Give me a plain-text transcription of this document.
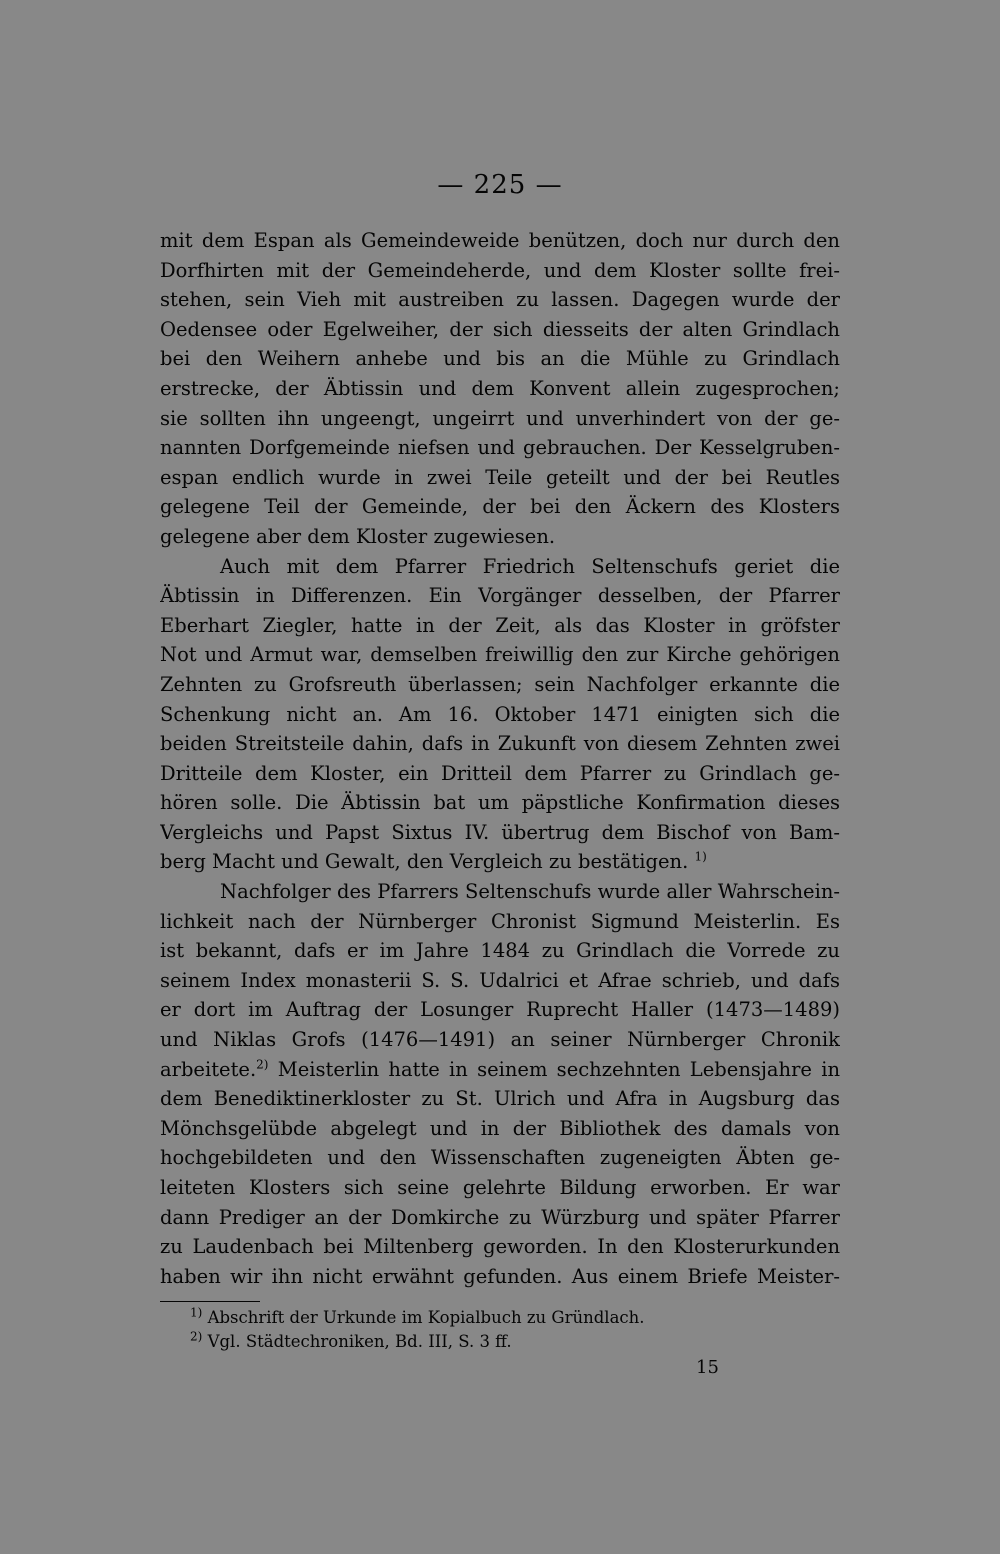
— 225 —
mit dem Espan als Gemeindeweide benützen, doch nur durch den
Dorfhirten mit der Gemeindeherde, und dem Kloster sollte frei-
stehen, sein Vieh mit austreiben zu lassen. Dagegen wurde der
Oedensee oder Egelweiher, der sich diesseits der alten Grindlach
bei den Weihern anhebe und bis an die Mühle zu Grindlach
erstrecke, der Äbtissin und dem Konvent allein zugesprochen;
sie sollten ihn ungeengt, ungeirrt und unverhindert von der ge-
nannten Dorfgemeinde niefsen und gebrauchen. Der Kesselgruben-
espan endlich wurde in zwei Teile geteilt und der bei Reutles
gelegene Teil der Gemeinde, der bei den Äckern des Klosters
gelegene aber dem Kloster zugewiesen.
Auch mit dem Pfarrer Friedrich Seltenschufs geriet die
Äbtissin in Differenzen. Ein Vorgänger desselben, der Pfarrer
Eberhart Ziegler, hatte in der Zeit, als das Kloster in gröfster
Not und Armut war, demselben freiwillig den zur Kirche gehörigen
Zehnten zu Grofsreuth überlassen; sein Nachfolger erkannte die
Schenkung nicht an. Am 16. Oktober 1471 einigten sich die
beiden Streitsteile dahin, dafs in Zukunft von diesem Zehnten zwei
Dritteile dem Kloster, ein Dritteil dem Pfarrer zu Grindlach ge-
hören solle. Die Äbtissin bat um päpstliche Konfirmation dieses
Vergleichs und Papst Sixtus IV. übertrug dem Bischof von Bam-
berg Macht und Gewalt, den Vergleich zu bestätigen. $^{1)}$
Nachfolger des Pfarrers Seltenschufs wurde aller Wahrschein-
lichkeit nach der Nürnberger Chronist Sigmund Meisterlin. Es
ist bekannt, dafs er im Jahre 1484 zu Grindlach die Vorrede zu
seinem Index monasterii S. S. Udalrici et Afrae schrieb, und dafs
er dort im Auftrag der Losunger Ruprecht Haller (1473—1489)
und Niklas Grofs (1476—1491) an seiner Nürnberger Chronik
arbeitete.$^{2)}$ Meisterlin hatte in seinem sechzehnten Lebensjahre in
dem Benediktinerkloster zu St. Ulrich und Afra in Augsburg das
Mönchsgelübde abgelegt und in der Bibliothek des damals von
hochgebildeten und den Wissenschaften zugeneigten Äbten ge-
leiteten Klosters sich seine gelehrte Bildung erworben. Er war
dann Prediger an der Domkirche zu Würzburg und später Pfarrer
zu Laudenbach bei Miltenberg geworden. In den Klosterurkunden
haben wir ihn nicht erwähnt gefunden. Aus einem Briefe Meister-
$^{1)}$ Abschrift der Urkunde im Kopialbuch zu Gründlach.
$^{2)}$ Vgl. Städtechroniken, Bd. III, S. 3 ff.
15
